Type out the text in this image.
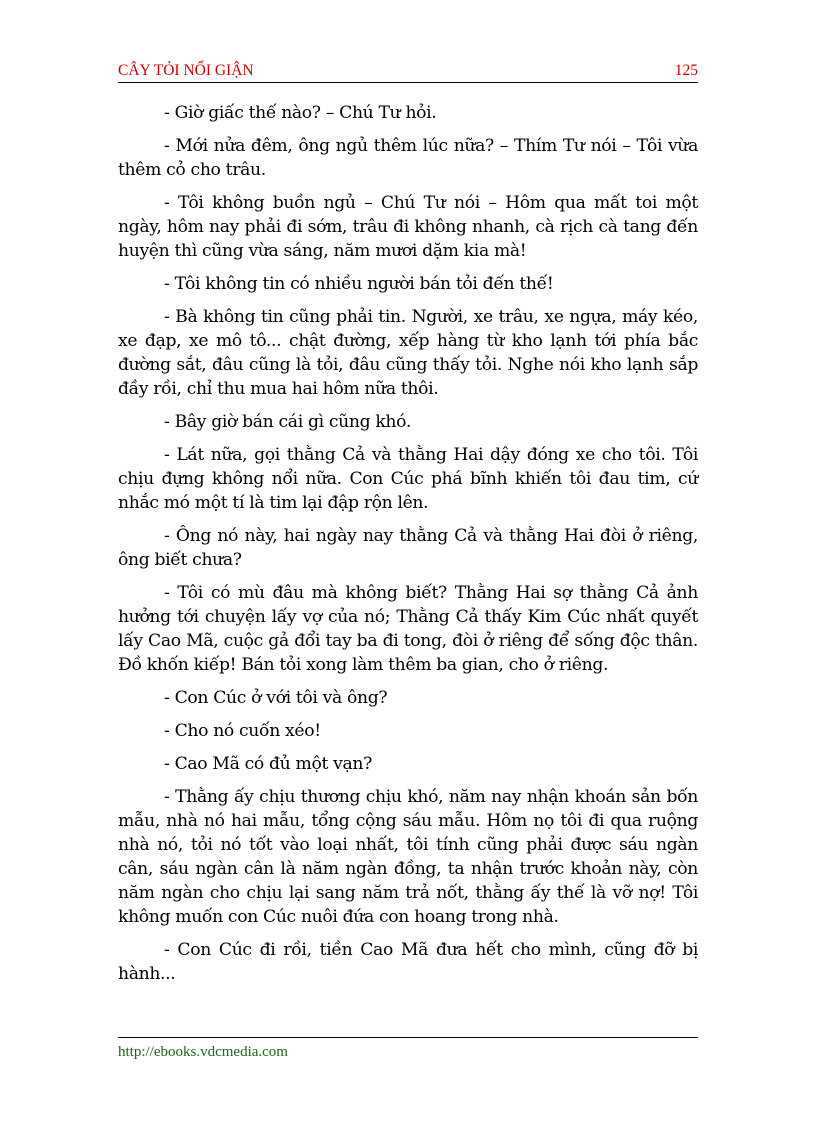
CÂY TỎI NỔI GIẬN	125

- Giờ giấc thế nào? – Chú Tư hỏi.

- Mới nửa đêm, ông ngủ thêm lúc nữa? – Thím Tư nói – Tôi vừa thêm cỏ cho trâu.

- Tôi không buồn ngủ – Chú Tư nói – Hôm qua mất toi một ngày, hôm nay phải đi sớm, trâu đi không nhanh, cà rịch cà tang đến huyện thì cũng vừa sáng, năm mươi dặm kia mà!

- Tôi không tin có nhiều người bán tỏi đến thế!

- Bà không tin cũng phải tin. Người, xe trâu, xe ngựa, máy kéo, xe đạp, xe mô tô... chật đường, xếp hàng từ kho lạnh tới phía bắc đường sắt, đâu cũng là tỏi, đâu cũng thấy tỏi. Nghe nói kho lạnh sắp đầy rồi, chỉ thu mua hai hôm nữa thôi.

- Bây giờ bán cái gì cũng khó.

- Lát nữa, gọi thằng Cả và thằng Hai dậy đóng xe cho tôi. Tôi chịu đựng không nổi nữa. Con Cúc phá bĩnh khiến tôi đau tim, cứ nhắc mó một tí là tim lại đập rộn lên.

- Ông nó này, hai ngày nay thằng Cả và thằng Hai đòi ở riêng, ông biết chưa?

- Tôi có mù đâu mà không biết? Thằng Hai sợ thằng Cả ảnh hưởng tới chuyện lấy vợ của nó; Thằng Cả thấy Kim Cúc nhất quyết lấy Cao Mã, cuộc gả đổi tay ba đi tong, đòi ở riêng để sống độc thân. Đồ khốn kiếp! Bán tỏi xong làm thêm ba gian, cho ở riêng.

- Con Cúc ở với tôi và ông?

- Cho nó cuốn xéo!

- Cao Mã có đủ một vạn?

- Thằng ấy chịu thương chịu khó, năm nay nhận khoán sản bốn mẫu, nhà nó hai mẫu, tổng cộng sáu mẫu. Hôm nọ tôi đi qua ruộng nhà nó, tỏi nó tốt vào loại nhất, tôi tính cũng phải được sáu ngàn cân, sáu ngàn cân là năm ngàn đồng, ta nhận trước khoản này, còn năm ngàn cho chịu lại sang năm trả nốt, thằng ấy thế là vỡ nợ! Tôi không muốn con Cúc nuôi đứa con hoang trong nhà.

- Con Cúc đi rồi, tiền Cao Mã đưa hết cho mình, cũng đỡ bị hành...

http://ebooks.vdcmedia.com
